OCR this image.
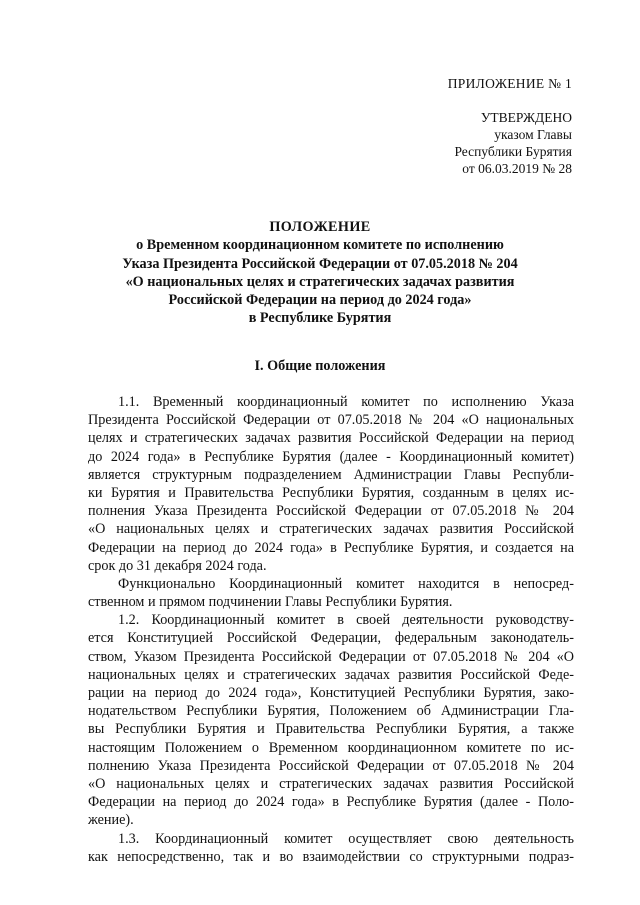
ПРИЛОЖЕНИЕ № 1
УТВЕРЖДЕНО
указом Главы
Республики Бурятия
от 06.03.2019 № 28
ПОЛОЖЕНИЕ
о Временном координационном комитете по исполнению
Указа Президента Российской Федерации от 07.05.2018 № 204
«О национальных целях и стратегических задачах развития
Российской Федерации на период до 2024 года»
в Республике Бурятия
I. Общие положения
1.1. Временный координационный комитет по исполнению Указа
Президента Российской Федерации от 07.05.2018 № 204 «О национальных
целях и стратегических задачах развития Российской Федерации на период
до 2024 года» в Республике Бурятия (далее - Координационный комитет)
является структурным подразделением Администрации Главы Республи-
ки Бурятия и Правительства Республики Бурятия, созданным в целях ис-
полнения Указа Президента Российской Федерации от 07.05.2018 № 204
«О национальных целях и стратегических задачах развития Российской
Федерации на период до 2024 года» в Республике Бурятия, и создается на
срок до 31 декабря 2024 года.
Функционально Координационный комитет находится в непосред-
ственном и прямом подчинении Главы Республики Бурятия.
1.2. Координационный комитет в своей деятельности руководству-
ется Конституцией Российской Федерации, федеральным законодатель-
ством, Указом Президента Российской Федерации от 07.05.2018 № 204 «О
национальных целях и стратегических задачах развития Российской Феде-
рации на период до 2024 года», Конституцией Республики Бурятия, зако-
нодательством Республики Бурятия, Положением об Администрации Гла-
вы Республики Бурятия и Правительства Республики Бурятия, а также
настоящим Положением о Временном координационном комитете по ис-
полнению Указа Президента Российской Федерации от 07.05.2018 № 204
«О национальных целях и стратегических задачах развития Российской
Федерации на период до 2024 года» в Республике Бурятия (далее - Поло-
жение).
1.3. Координационный комитет осуществляет свою деятельность
как непосредственно, так и во взаимодействии со структурными подраз-
